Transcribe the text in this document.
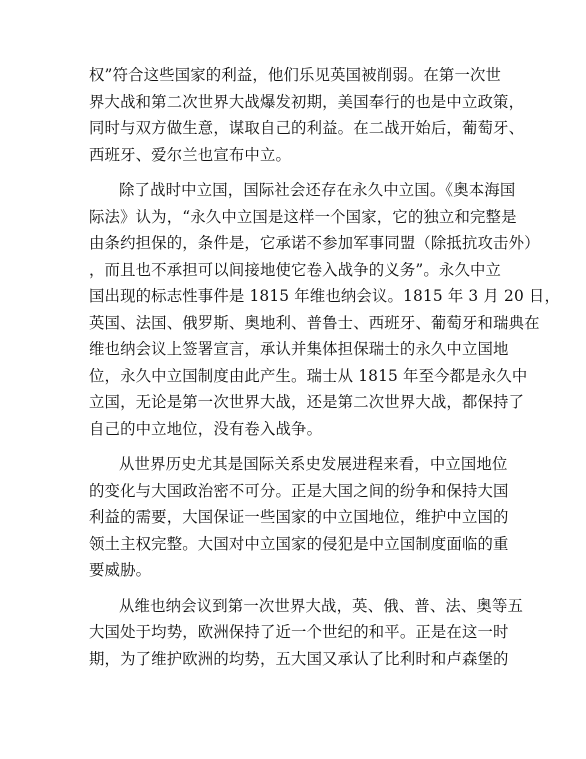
权”符合这些国家的利益，他们乐见英国被削弱。在第一次世
界大战和第二次世界大战爆发初期，美国奉行的也是中立政策，
同时与双方做生意，谋取自己的利益。在二战开始后，葡萄牙、
西班牙、爱尔兰也宣布中立。

除了战时中立国，国际社会还存在永久中立国。《奥本海国
际法》认为，“永久中立国是这样一个国家，它的独立和完整是
由条约担保的，条件是，它承诺不参加军事同盟（除抵抗攻击外）
，而且也不承担可以间接地使它卷入战争的义务”。永久中立
国出现的标志性事件是 1815 年维也纳会议。1815 年 3 月 20 日，
英国、法国、俄罗斯、奥地利、普鲁士、西班牙、葡萄牙和瑞典在
维也纳会议上签署宣言，承认并集体担保瑞士的永久中立国地
位，永久中立国制度由此产生。瑞士从 1815 年至今都是永久中
立国，无论是第一次世界大战，还是第二次世界大战，都保持了
自己的中立地位，没有卷入战争。

从世界历史尤其是国际关系史发展进程来看，中立国地位
的变化与大国政治密不可分。正是大国之间的纷争和保持大国
利益的需要，大国保证一些国家的中立国地位，维护中立国的
领土主权完整。大国对中立国家的侵犯是中立国制度面临的重
要威胁。

从维也纳会议到第一次世界大战，英、俄、普、法、奥等五
大国处于均势，欧洲保持了近一个世纪的和平。正是在这一时
期，为了维护欧洲的均势，五大国又承认了比利时和卢森堡的
